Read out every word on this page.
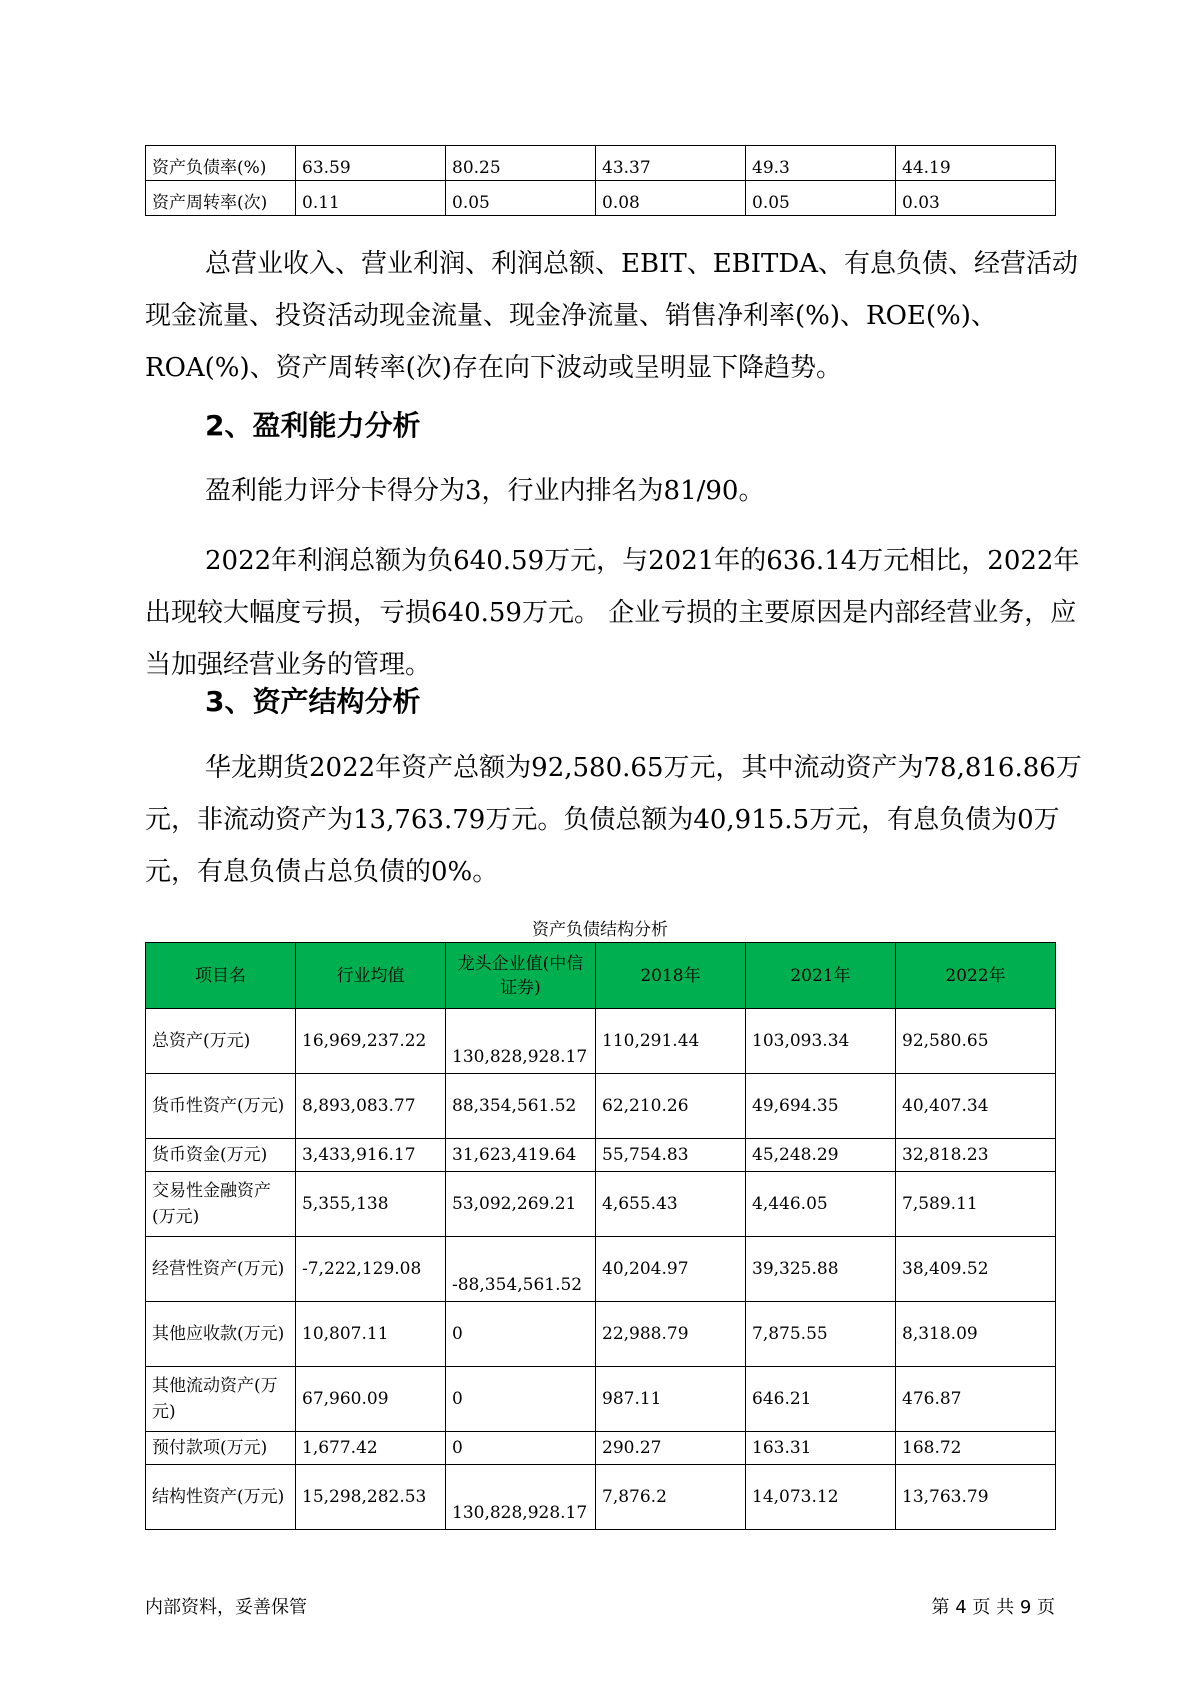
资产负债率(%)	63.59	80.25	43.37	49.3	44.19
资产周转率(次)	0.11	0.05	0.08	0.05	0.03

总营业收入、营业利润、利润总额、EBIT、EBITDA、有息负债、经营活动现金流量、投资活动现金流量、现金净流量、销售净利率(%)、ROE(%)、ROA(%)、资产周转率(次)存在向下波动或呈明显下降趋势。

2、盈利能力分析

盈利能力评分卡得分为3，行业内排名为81/90。

2022年利润总额为负640.59万元，与2021年的636.14万元相比，2022年出现较大幅度亏损，亏损640.59万元。 企业亏损的主要原因是内部经营业务，应当加强经营业务的管理。

3、资产结构分析

华龙期货2022年资产总额为92,580.65万元，其中流动资产为78,816.86万元，非流动资产为13,763.79万元。负债总额为40,915.5万元，有息负债为0万元，有息负债占总负债的0%。

资产负债结构分析
项目名	行业均值	龙头企业值(中信证券)	2018年	2021年	2022年
总资产(万元)	16,969,237.22	130,828,928.17	110,291.44	103,093.34	92,580.65
货币性资产(万元)	8,893,083.77	88,354,561.52	62,210.26	49,694.35	40,407.34
货币资金(万元)	3,433,916.17	31,623,419.64	55,754.83	45,248.29	32,818.23
交易性金融资产(万元)	5,355,138	53,092,269.21	4,655.43	4,446.05	7,589.11
经营性资产(万元)	-7,222,129.08	-88,354,561.52	40,204.97	39,325.88	38,409.52
其他应收款(万元)	10,807.11	0	22,988.79	7,875.55	8,318.09
其他流动资产(万元)	67,960.09	0	987.11	646.21	476.87
预付款项(万元)	1,677.42	0	290.27	163.31	168.72
结构性资产(万元)	15,298,282.53	130,828,928.17	7,876.2	14,073.12	13,763.79
内部资料，妥善保管	第 4 页 共 9 页
